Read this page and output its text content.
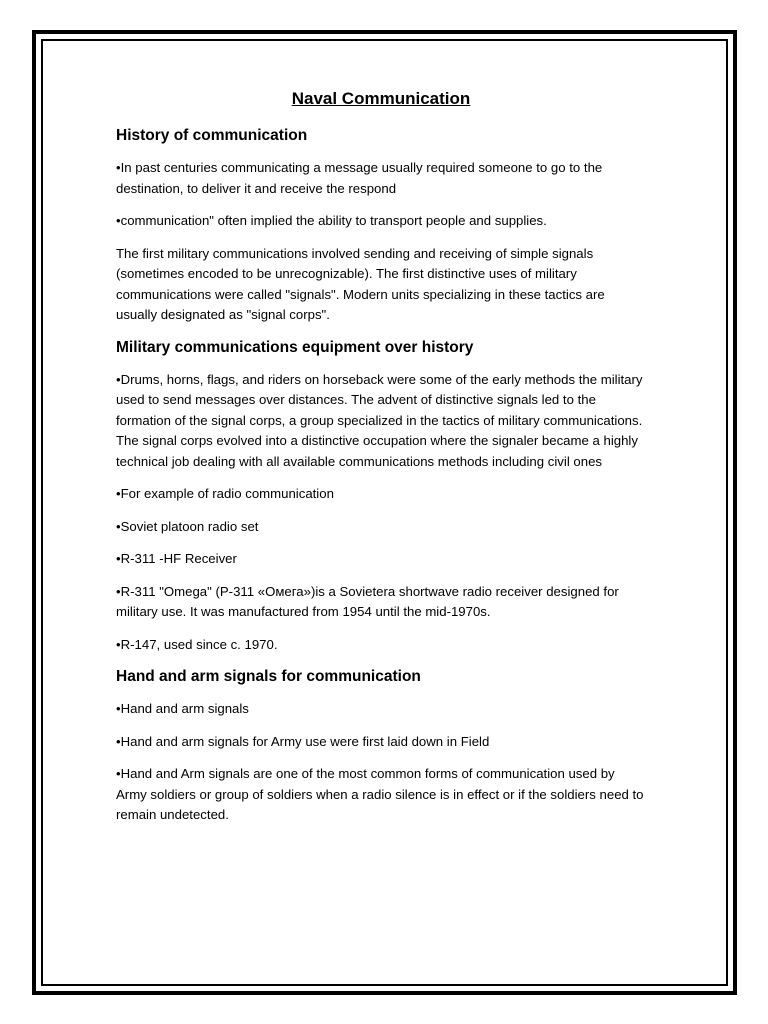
Naval Communication
History of communication

•In past centuries communicating a message usually required someone to go to the destination, to deliver it and receive the respond

•communication" often implied the ability to transport people and supplies.

The first military communications involved sending and receiving of simple signals (sometimes encoded to be unrecognizable). The first distinctive uses of military communications were called "signals". Modern units specializing in these tactics are usually designated as "signal corps".

Military communications equipment over history

•Drums, horns, flags, and riders on horseback were some of the early methods the military used to send messages over distances. The advent of distinctive signals led to the formation of the signal corps, a group specialized in the tactics of military communications. The signal corps evolved into a distinctive occupation where the signaler became a highly technical job dealing with all available communications methods including civil ones

•For example of radio communication

•Soviet platoon radio set

•R-311 -HF Receiver

•R-311 "Omega" (Р-311 «Омега»)is a Sovietera shortwave radio receiver designed for military use. It was manufactured from 1954 until the mid-1970s.

•R-147, used since c. 1970.

Hand and arm signals for communication

•Hand and arm signals

•Hand and arm signals for Army use were first laid down in Field

•Hand and Arm signals are one of the most common forms of communication used by Army soldiers or group of soldiers when a radio silence is in effect or if the soldiers need to remain undetected.
